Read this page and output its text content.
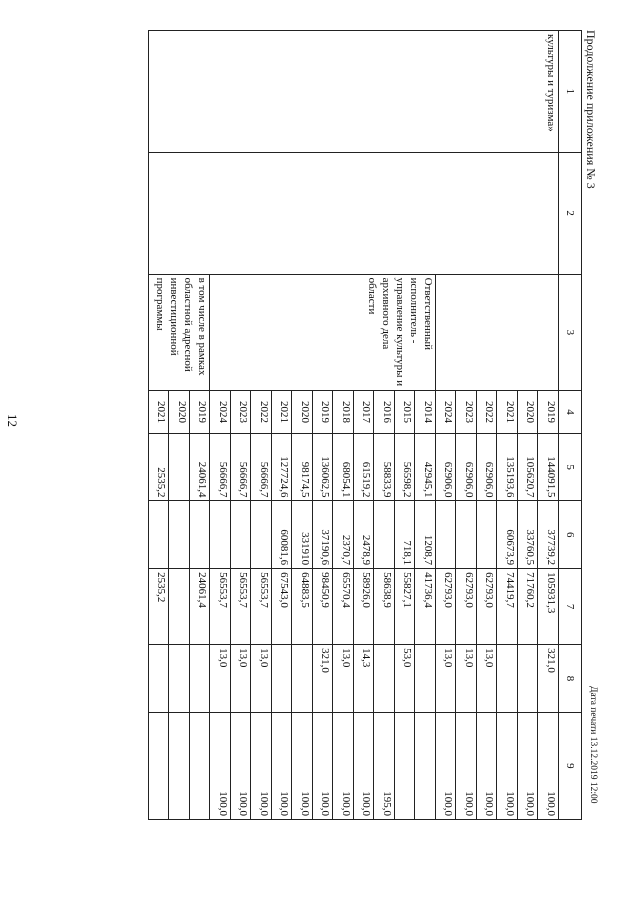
12
Продолжение приложения № 3
Дата печати 13.12.2019 12:00
1	2	3	4	5	6	7	8	9
культуры и туризма»			2019	144091,5	37739,2	105931,3	321,0	100,0
			2020	105620,7	33760,5	71760,2		100,0
			2021	135193,6	60673,9	74419,7		100,0
			2022	62906,0		62793,0	13,0	100,0
			2023	62906,0		62793,0	13,0	100,0
			2024	62906,0		62793,0	13,0	100,0
		Ответственный исполнитель - управление культуры и архивного дела области	2014	42945,1	1208,7	41736,4		
			2015	56598,2	718,1	55827,1	53,0	
			2016	58833,9		58638,9		195,0
			2017	61519,2	2478,9	58926,0	14,3	100,0
			2018	68054,1	2370,7	65570,4	13,0	100,0
			2019	136062,5	37190,6	98450,9	321,0	100,0
			2020	98174,5	331910	64883,5		100,0
			2021	127724,6	60081,6	67543,0		100,0
			2022	56666,7		56553,7	13,0	100,0
			2023	56666,7		56553,7	13,0	100,0
			2024	56666,7		56553,7	13,0	100,0
		в том числе в рамках областной адресной инвестиционной программы	2019	24061,4		24061,4		
			2020					
			2021	2535,2		2535,2		
